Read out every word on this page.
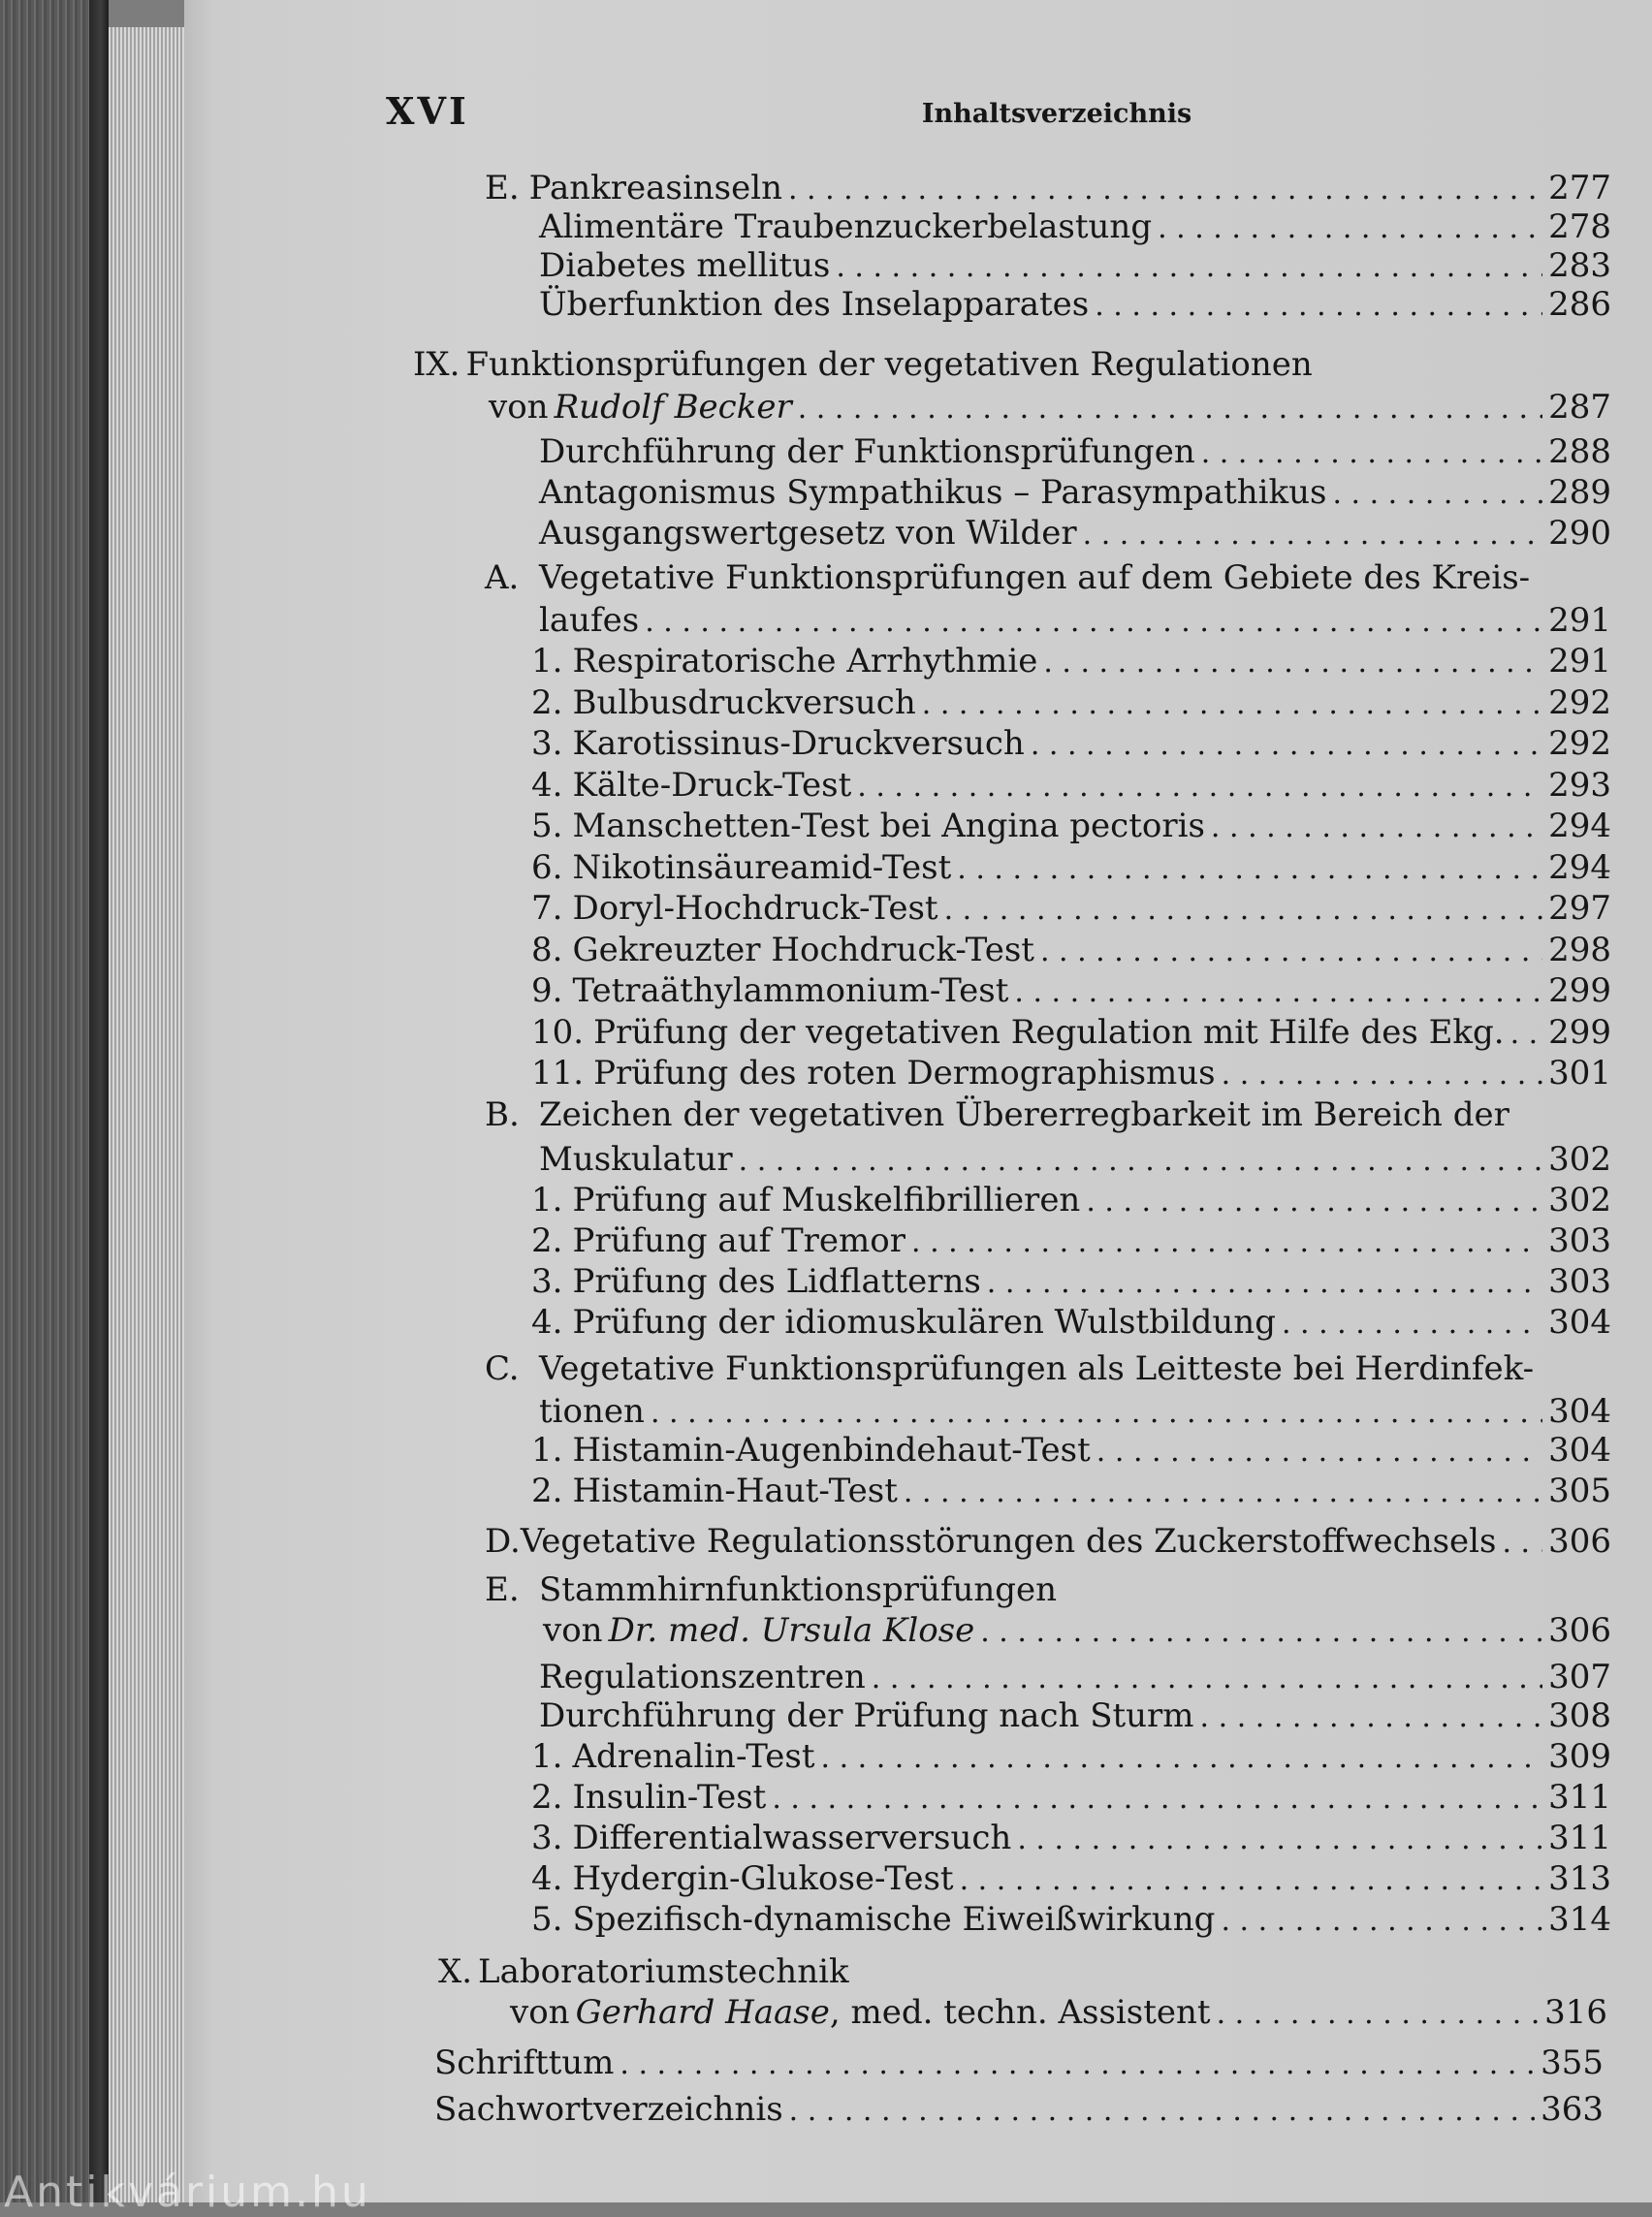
XVI	Inhaltsverzeichnis
E. Pankreasinseln . . .	277
Alimentäre Traubenzuckerbelastung . . .	278
Diabetes mellitus . . .	283
Überfunktion des Inselapparates . . .	286
IX. Funktionsprüfungen der vegetativen Regulationen
von Rudolf Becker . . .	287
Durchführung der Funktionsprüfungen . . .	288
Antagonismus Sympathikus – Parasympathikus . . .	289
Ausgangswertgesetz von Wilder . . .	290
A. Vegetative Funktionsprüfungen auf dem Gebiete des Kreis-
laufes . . .	291
1. Respiratorische Arrhythmie . . .	291
2. Bulbusdruckversuch . . .	292
3. Karotissinus-Druckversuch . . .	292
4. Kälte-Druck-Test . . .	293
5. Manschetten-Test bei Angina pectoris . . .	294
6. Nikotinsäureamid-Test . . .	294
7. Doryl-Hochdruck-Test . . .	297
8. Gekreuzter Hochdruck-Test . . .	298
9. Tetraäthylammonium-Test . . .	299
10. Prüfung der vegetativen Regulation mit Hilfe des Ekg. . . . 299
11. Prüfung des roten Dermographismus . . .	301
B. Zeichen der vegetativen Übererregbarkeit im Bereich der
Muskulatur . . .	302
1. Prüfung auf Muskelfibrillieren . . .	302
2. Prüfung auf Tremor . . .	303
3. Prüfung des Lidflatterns . . .	303
4. Prüfung der idiomuskulären Wulstbildung . . .	304
C. Vegetative Funktionsprüfungen als Leitteste bei Herdinfek-
tionen . . .	304
1. Histamin-Augenbindehaut-Test . . .	304
2. Histamin-Haut-Test . . .	305
D. Vegetative Regulationsstörungen des Zuckerstoffwechsels . . . 306
E. Stammhirnfunktionsprüfungen
von Dr. med. Ursula Klose . . .	306
Regulationszentren . . .	307
Durchführung der Prüfung nach Sturm . . .	308
1. Adrenalin-Test . . .	309
2. Insulin-Test . . .	311
3. Differentialwasserversuch . . .	311
4. Hydergin-Glukose-Test . . .	313
5. Spezifisch-dynamische Eiweißwirkung . . .	314
X. Laboratoriumstechnik
von Gerhard Haase, med. techn. Assistent . . .	316
Schrifttum . . .	355
Sachwortverzeichnis . . .	363
Antikvárium.hu
